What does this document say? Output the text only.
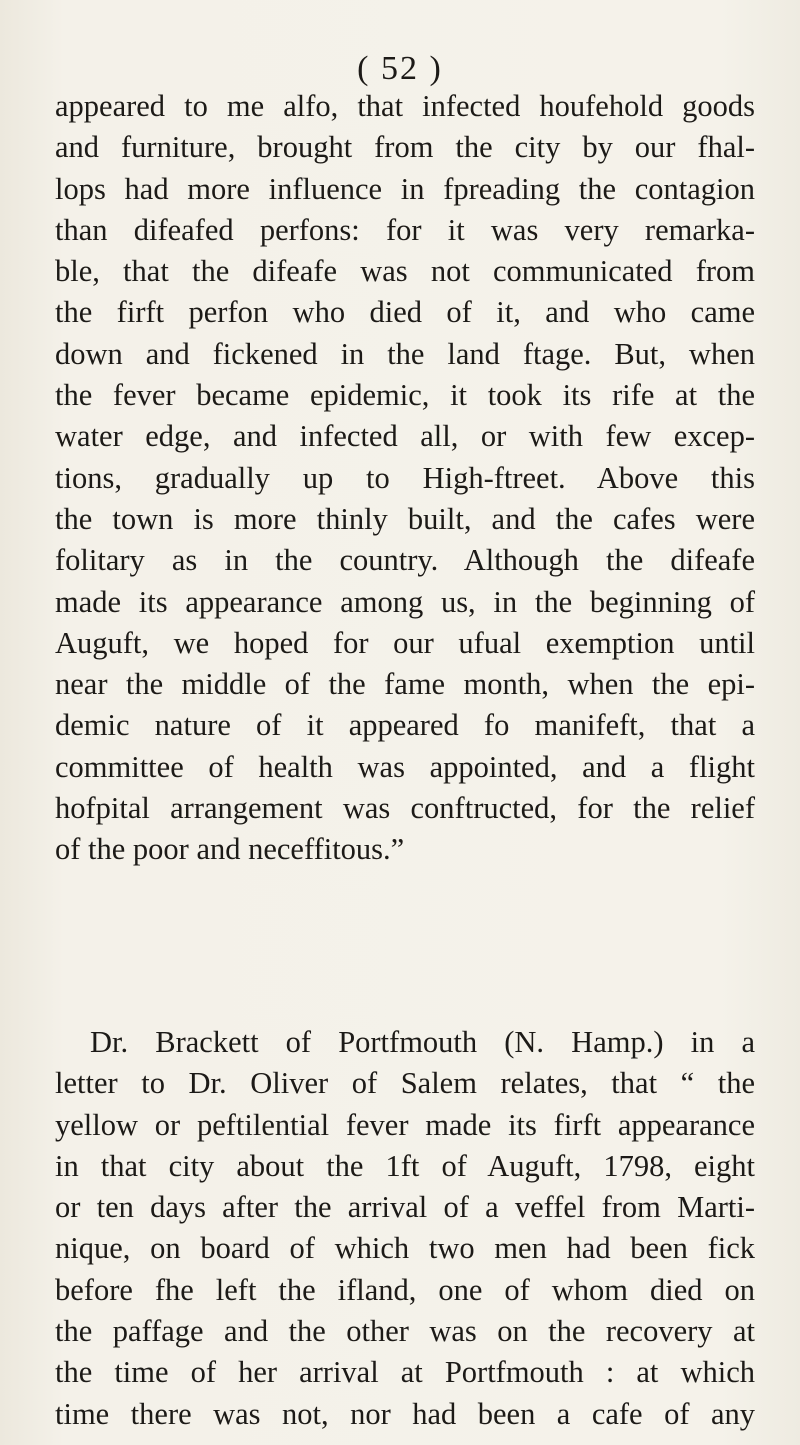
( 52 )

appeared to me alfo, that infected houfehold goods
and furniture, brought from the city by our fhal-
lops had more influence in fpreading the contagion
than difeafed perfons: for it was very remarka-
ble, that the difeafe was not communicated from
the firft perfon who died of it, and who came
down and fickened in the land ftage. But, when
the fever became epidemic, it took its rife at the
water edge, and infected all, or with few excep-
tions, gradually up to High-ftreet. Above this
the town is more thinly built, and the cafes were
folitary as in the country. Although the difeafe
made its appearance among us, in the beginning of
Auguft, we hoped for our ufual exemption until
near the middle of the fame month, when the epi-
demic nature of it appeared fo manifeft, that a
committee of health was appointed, and a flight
hofpital arrangement was conftructed, for the relief
of the poor and neceffitous.”

Dr. Brackett of Portfmouth (N. Hamp.) in a
letter to Dr. Oliver of Salem relates, that “ the
yellow or peftilential fever made its firft appearance
in that city about the 1ft of Auguft, 1798, eight
or ten days after the arrival of a veffel from Marti-
nique, on board of which two men had been fick
before fhe left the ifland, one of whom died on
the paffage and the other was on the recovery at
the time of her arrival at Portfmouth : at which
time there was not, nor had been a cafe of any
